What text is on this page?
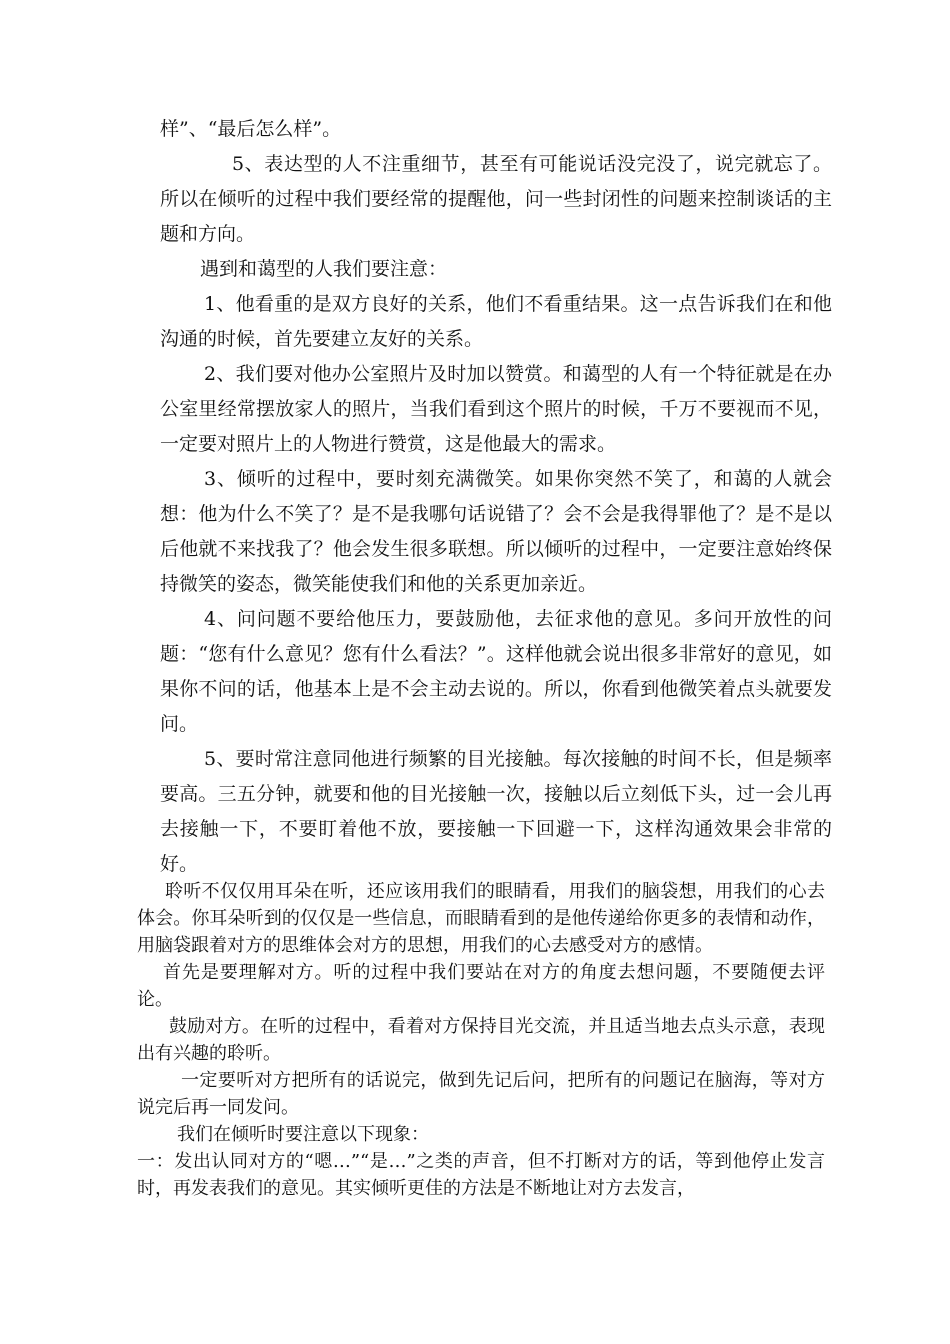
样”、“最后怎么样”。

5、表达型的人不注重细节，甚至有可能说话没完没了，说完就忘了。所以在倾听的过程中我们要经常的提醒他，问一些封闭性的问题来控制谈话的主题和方向。

遇到和蔼型的人我们要注意：

1、他看重的是双方良好的关系，他们不看重结果。这一点告诉我们在和他沟通的时候，首先要建立友好的关系。

2、我们要对他办公室照片及时加以赞赏。和蔼型的人有一个特征就是在办公室里经常摆放家人的照片，当我们看到这个照片的时候，千万不要视而不见，一定要对照片上的人物进行赞赏，这是他最大的需求。

3、倾听的过程中，要时刻充满微笑。如果你突然不笑了，和蔼的人就会想：他为什么不笑了？是不是我哪句话说错了？会不会是我得罪他了？是不是以后他就不来找我了？他会发生很多联想。所以倾听的过程中，一定要注意始终保持微笑的姿态，微笑能使我们和他的关系更加亲近。

4、问问题不要给他压力，要鼓励他，去征求他的意见。多问开放性的问题：“您有什么意见？您有什么看法？”。这样他就会说出很多非常好的意见，如果你不问的话，他基本上是不会主动去说的。所以，你看到他微笑着点头就要发问。

5、要时常注意同他进行频繁的目光接触。每次接触的时间不长，但是频率要高。三五分钟，就要和他的目光接触一次，接触以后立刻低下头，过一会儿再去接触一下，不要盯着他不放，要接触一下回避一下，这样沟通效果会非常的好。

聆听不仅仅用耳朵在听，还应该用我们的眼睛看，用我们的脑袋想，用我们的心去体会。你耳朵听到的仅仅是一些信息，而眼睛看到的是他传递给你更多的表情和动作，用脑袋跟着对方的思维体会对方的思想，用我们的心去感受对方的感情。

首先是要理解对方。听的过程中我们要站在对方的角度去想问题，不要随便去评论。

鼓励对方。在听的过程中，看着对方保持目光交流，并且适当地去点头示意，表现出有兴趣的聆听。

一定要听对方把所有的话说完，做到先记后问，把所有的问题记在脑海，等对方说完后再一同发问。

我们在倾听时要注意以下现象：

一：发出认同对方的“嗯…”“是…”之类的声音，但不打断对方的话，等到他停止发言时，再发表我们的意见。其实倾听更佳的方法是不断地让对方去发言，
